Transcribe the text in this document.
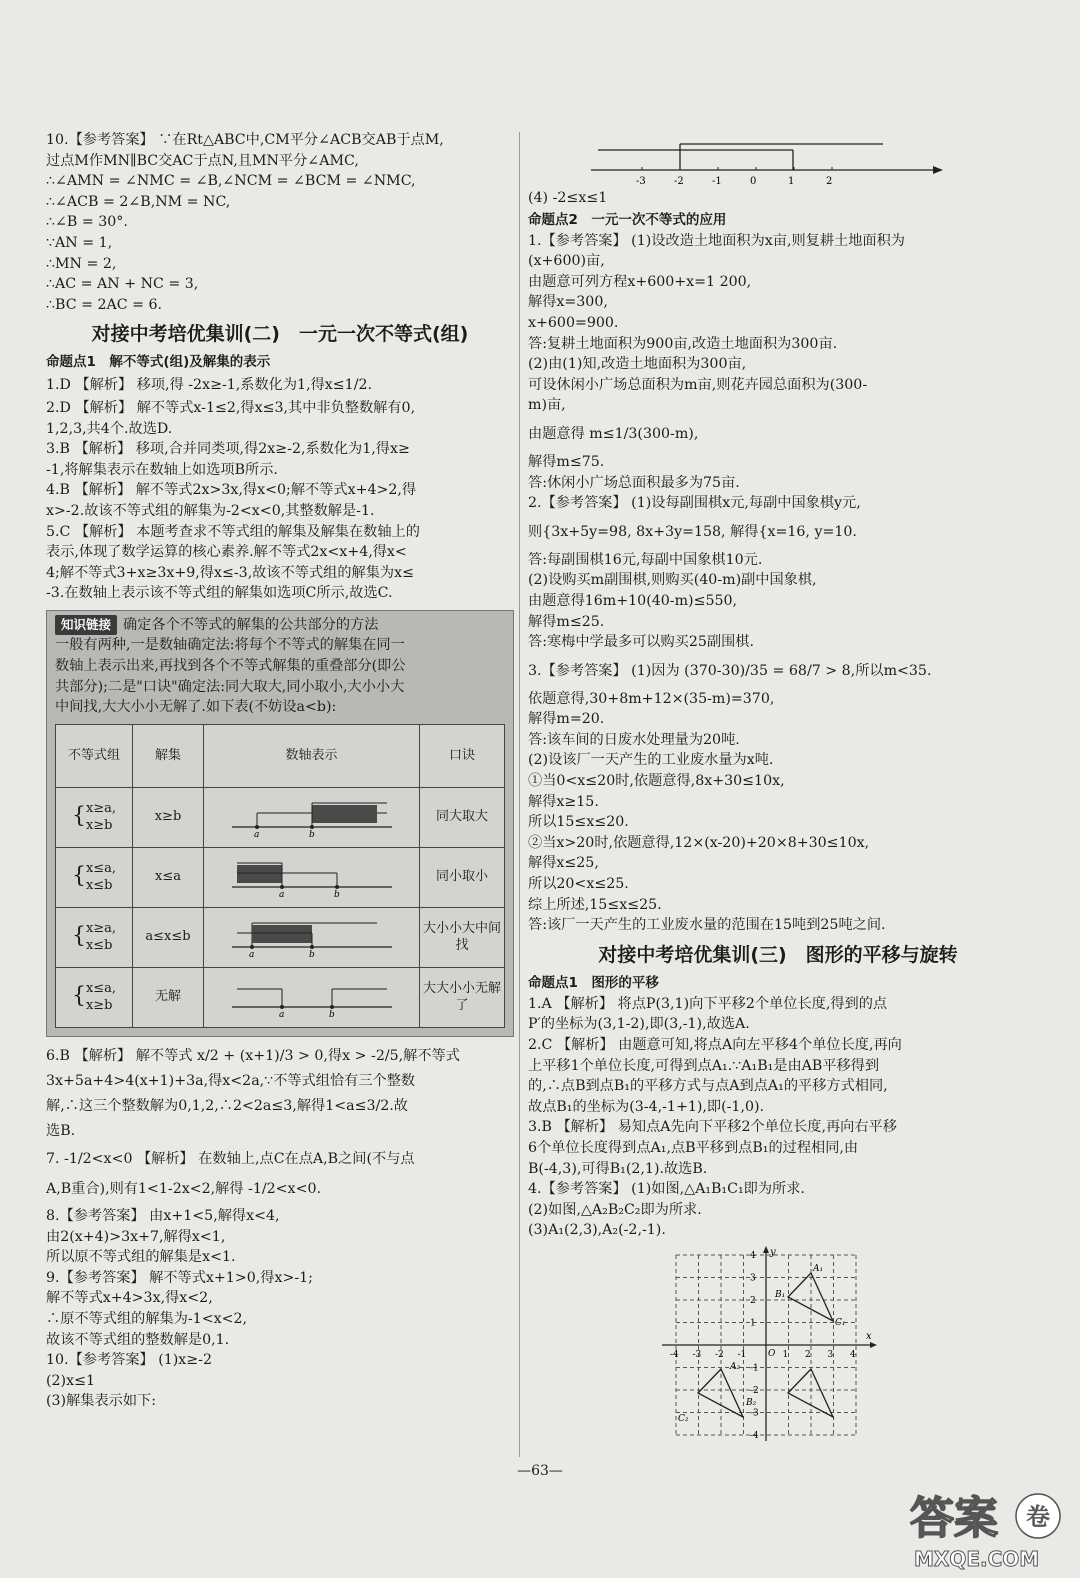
10.【参考答案】 ∵在Rt△ABC中,CM平分∠ACB交AB于点M,
过点M作MN∥BC交AC于点N,且MN平分∠AMC,
∴∠AMN = ∠NMC = ∠B,∠NCM = ∠BCM = ∠NMC,
∴∠ACB = 2∠B,NM = NC,
∴∠B = 30°.
∵AN = 1,
∴MN = 2,
∴AC = AN + NC = 3,
∴BC = 2AC = 6.
对接中考培优集训(二)　一元一次不等式(组)
命题点1　解不等式(组)及解集的表示
1.D 【解析】 移项,得 -2x≥-1,系数化为1,得x≤1/2.
2.D 【解析】 解不等式x-1≤2,得x≤3,其中非负整数解有0,
1,2,3,共4个.故选D.
3.B 【解析】 移项,合并同类项,得2x≥-2,系数化为1,得x≥
-1,将解集表示在数轴上如选项B所示.
4.B 【解析】 解不等式2x>3x,得x<0;解不等式x+4>2,得
x>-2.故该不等式组的解集为-2<x<0,其整数解是-1.
5.C 【解析】 本题考查求不等式组的解集及解集在数轴上的
表示,体现了数学运算的核心素养.解不等式2x<x+4,得x<
4;解不等式3+x≥3x+9,得x≤-3,故该不等式组的解集为x≤
-3.在数轴上表示该不等式组的解集如选项C所示,故选C.
知识链接 确定各个不等式的解集的公共部分的方法
一般有两种,一是数轴确定法:将每个不等式的解集在同一
数轴上表示出来,再找到各个不等式解集的重叠部分(即公
共部分);二是"口诀"确定法:同大取大,同小取小,大小小大
中间找,大大小小无解了.如下表(不妨设a<b):
不等式组	解集	数轴表示	口诀
{x≥a,
x≥b	x≥b	a b	同大取大
{x≤a,
x≤b	x≤a	a b	同小取小
{x≥a,
x≤b	a≤x≤b	a b	大小小大中间找
{x≤a,
x≥b	无解	a b	大大小小无解了
6.B 【解析】 解不等式 x/2 + (x+1)/3 > 0,得x > -2/5,解不等式
3x+5a+4>4(x+1)+3a,得x<2a,∵不等式组恰有三个整数
解,∴这三个整数解为0,1,2,∴2<2a≤3,解得1<a≤3/2.故
选B.
7. -1/2<x<0 【解析】 在数轴上,点C在点A,B之间(不与点
A,B重合),则有1<1-2x<2,解得 -1/2<x<0.
8.【参考答案】 由x+1<5,解得x<4,
由2(x+4)>3x+7,解得x<1,
所以原不等式组的解集是x<1.
9.【参考答案】 解不等式x+1>0,得x>-1;
解不等式x+4>3x,得x<2,
∴原不等式组的解集为-1<x<2,
故该不等式组的整数解是0,1.
10.【参考答案】 (1)x≥-2
(2)x≤1
(3)解集表示如下:
-3	-2	-1	0	1	2
(4) -2≤x≤1
命题点2　一元一次不等式的应用
1.【参考答案】 (1)设改造土地面积为x亩,则复耕土地面积为
(x+600)亩,
由题意可列方程x+600+x=1 200,
解得x=300,
x+600=900.
答:复耕土地面积为900亩,改造土地面积为300亩.
(2)由(1)知,改造土地面积为300亩,
可设休闲小广场总面积为m亩,则花卉园总面积为(300-
m)亩,
由题意得 m≤1/3(300-m),
解得m≤75.
答:休闲小广场总面积最多为75亩.
2.【参考答案】 (1)设每副围棋x元,每副中国象棋y元,
则{3x+5y=98, 8x+3y=158, 解得{x=16, y=10.
答:每副围棋16元,每副中国象棋10元.
(2)设购买m副围棋,则购买(40-m)副中国象棋,
由题意得16m+10(40-m)≤550,
解得m≤25.
答:寒梅中学最多可以购买25副围棋.
3.【参考答案】 (1)因为 (370-30)/35 = 68/7 > 8,所以m<35.
依题意得,30+8m+12×(35-m)=370,
解得m=20.
答:该车间的日废水处理量为20吨.
(2)设该厂一天产生的工业废水量为x吨.
①当0<x≤20时,依题意得,8x+30≤10x,
解得x≥15.
所以15≤x≤20.
②当x>20时,依题意得,12×(x-20)+20×8+30≤10x,
解得x≤25,
所以20<x≤25.
综上所述,15≤x≤25.
答:该厂一天产生的工业废水量的范围在15吨到25吨之间.
对接中考培优集训(三)　图形的平移与旋转
命题点1　图形的平移
1.A 【解析】 将点P(3,1)向下平移2个单位长度,得到的点
P′的坐标为(3,1-2),即(3,-1),故选A.
2.C 【解析】 由题意可知,将点A向左平移4个单位长度,再向
上平移1个单位长度,可得到点A₁.∵A₁B₁是由AB平移得到
的,∴点B到点B₁的平移方式与点A到点A₁的平移方式相同,
故点B₁的坐标为(3-4,-1+1),即(-1,0).
3.B 【解析】 易知点A先向下平移2个单位长度,再向右平移
6个单位长度得到点A₁,点B平移到点B₁的过程相同,由
B(-4,3),可得B₁(2,1).故选B.
4.【参考答案】 (1)如图,△A₁B₁C₁即为所求.
(2)如图,△A₂B₂C₂即为所求.
(3)A₁(2,3),A₂(-2,-1).
x
y
O
-4 -3 -2 -1	1 2 3 4
4
3
2
1
-1
-2
-3
-4
A₁
B₁
C₁
A₂
B₂
C₂
—63—
答案 卷
MXQE.COM
